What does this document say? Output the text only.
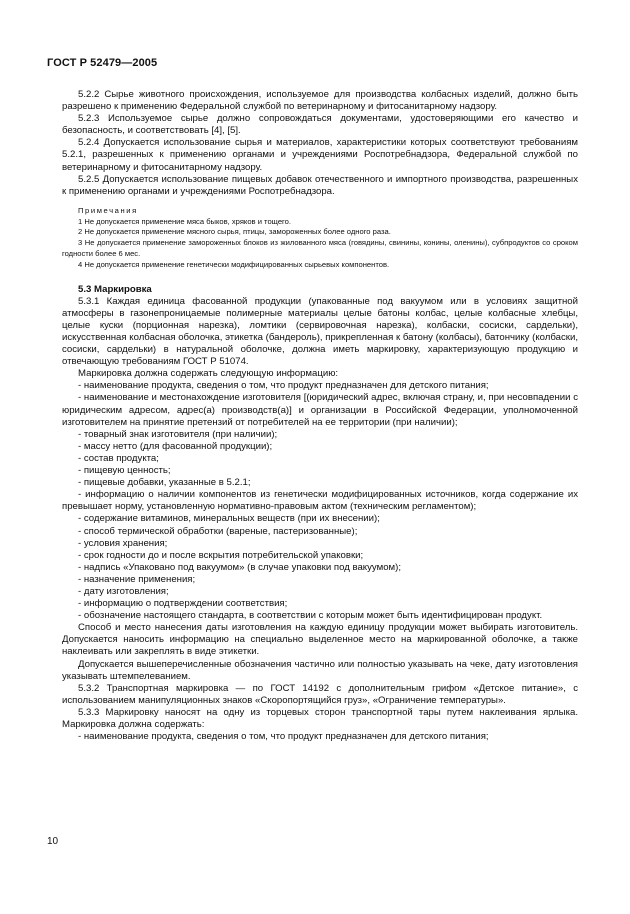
ГОСТ Р 52479—2005

5.2.2 Сырье животного происхождения, используемое для производства колбасных изделий, должно быть разрешено к применению Федеральной службой по ветеринарному и фитосанитарному надзору.

5.2.3 Используемое сырье должно сопровождаться документами, удостоверяющими его качество и безопасность, и соответствовать [4], [5].

5.2.4 Допускается использование сырья и материалов, характеристики которых соответствуют требованиям 5.2.1, разрешенных к применению органами и учреждениями Роспотребнадзора, Федеральной службой по ветеринарному и фитосанитарному надзору.

5.2.5 Допускается использование пищевых добавок отечественного и импортного производства, разрешенных к применению органами и учреждениями Роспотребнадзора.

Примечания

1 Не допускается применение мяса быков, хряков и тощего.

2 Не допускается применение мясного сырья, птицы, замороженных более одного раза.

3 Не допускается применение замороженных блоков из жилованного мяса (говядины, свинины, конины, оленины), субпродуктов со сроком годности более 6 мес.

4 Не допускается применение генетически модифицированных сырьевых компонентов.

5.3 Маркировка

5.3.1 Каждая единица фасованной продукции (упакованные под вакуумом или в условиях защитной атмосферы в газонепроницаемые полимерные материалы целые батоны колбас, целые колбасные хлебцы, целые куски (порционная нарезка), ломтики (сервировочная нарезка), колбаски, сосиски, сардельки), искусственная колбасная оболочка, этикетка (бандероль), прикрепленная к батону (колбасы), батончику (колбаски, сосиски, сардельки) в натуральной оболочке, должна иметь маркировку, характеризующую продукцию и отвечающую требованиям ГОСТ Р 51074.

Маркировка должна содержать следующую информацию:

- наименование продукта, сведения о том, что продукт предназначен для детского питания;

- наименование и местонахождение изготовителя [(юридический адрес, включая страну, и, при несовпадении с юридическим адресом, адрес(а) производств(а)] и организации в Российской Федерации, уполномоченной изготовителем на принятие претензий от потребителей на ее территории (при наличии);

- товарный знак изготовителя (при наличии);

- массу нетто (для фасованной продукции);

- состав продукта;

- пищевую ценность;

- пищевые добавки, указанные в 5.2.1;

- информацию о наличии компонентов из генетически модифицированных источников, когда содержание их превышает норму, установленную нормативно-правовым актом (техническим регламентом);

- содержание витаминов, минеральных веществ (при их внесении);

- способ термической обработки (вареные, пастеризованные);

- условия хранения;

- срок годности до и после вскрытия потребительской упаковки;

- надпись «Упаковано под вакуумом» (в случае упаковки под вакуумом);

- назначение применения;

- дату изготовления;

- информацию о подтверждении соответствия;

- обозначение настоящего стандарта, в соответствии с которым может быть идентифицирован продукт.

Способ и место нанесения даты изготовления на каждую единицу продукции может выбирать изготовитель. Допускается наносить информацию на специально выделенное место на маркированной оболочке, а также наклеивать или закреплять в виде этикетки.

Допускается вышеперечисленные обозначения частично или полностью указывать на чеке, дату изготовления указывать штемпелеванием.

5.3.2 Транспортная маркировка — по ГОСТ 14192 с дополнительным грифом «Детское питание», с использованием манипуляционных знаков «Скоропортящийся груз», «Ограничение температуры».

5.3.3 Маркировку наносят на одну из торцевых сторон транспортной тары путем наклеивания ярлыка. Маркировка должна содержать:

- наименование продукта, сведения о том, что продукт предназначен для детского питания;

10
